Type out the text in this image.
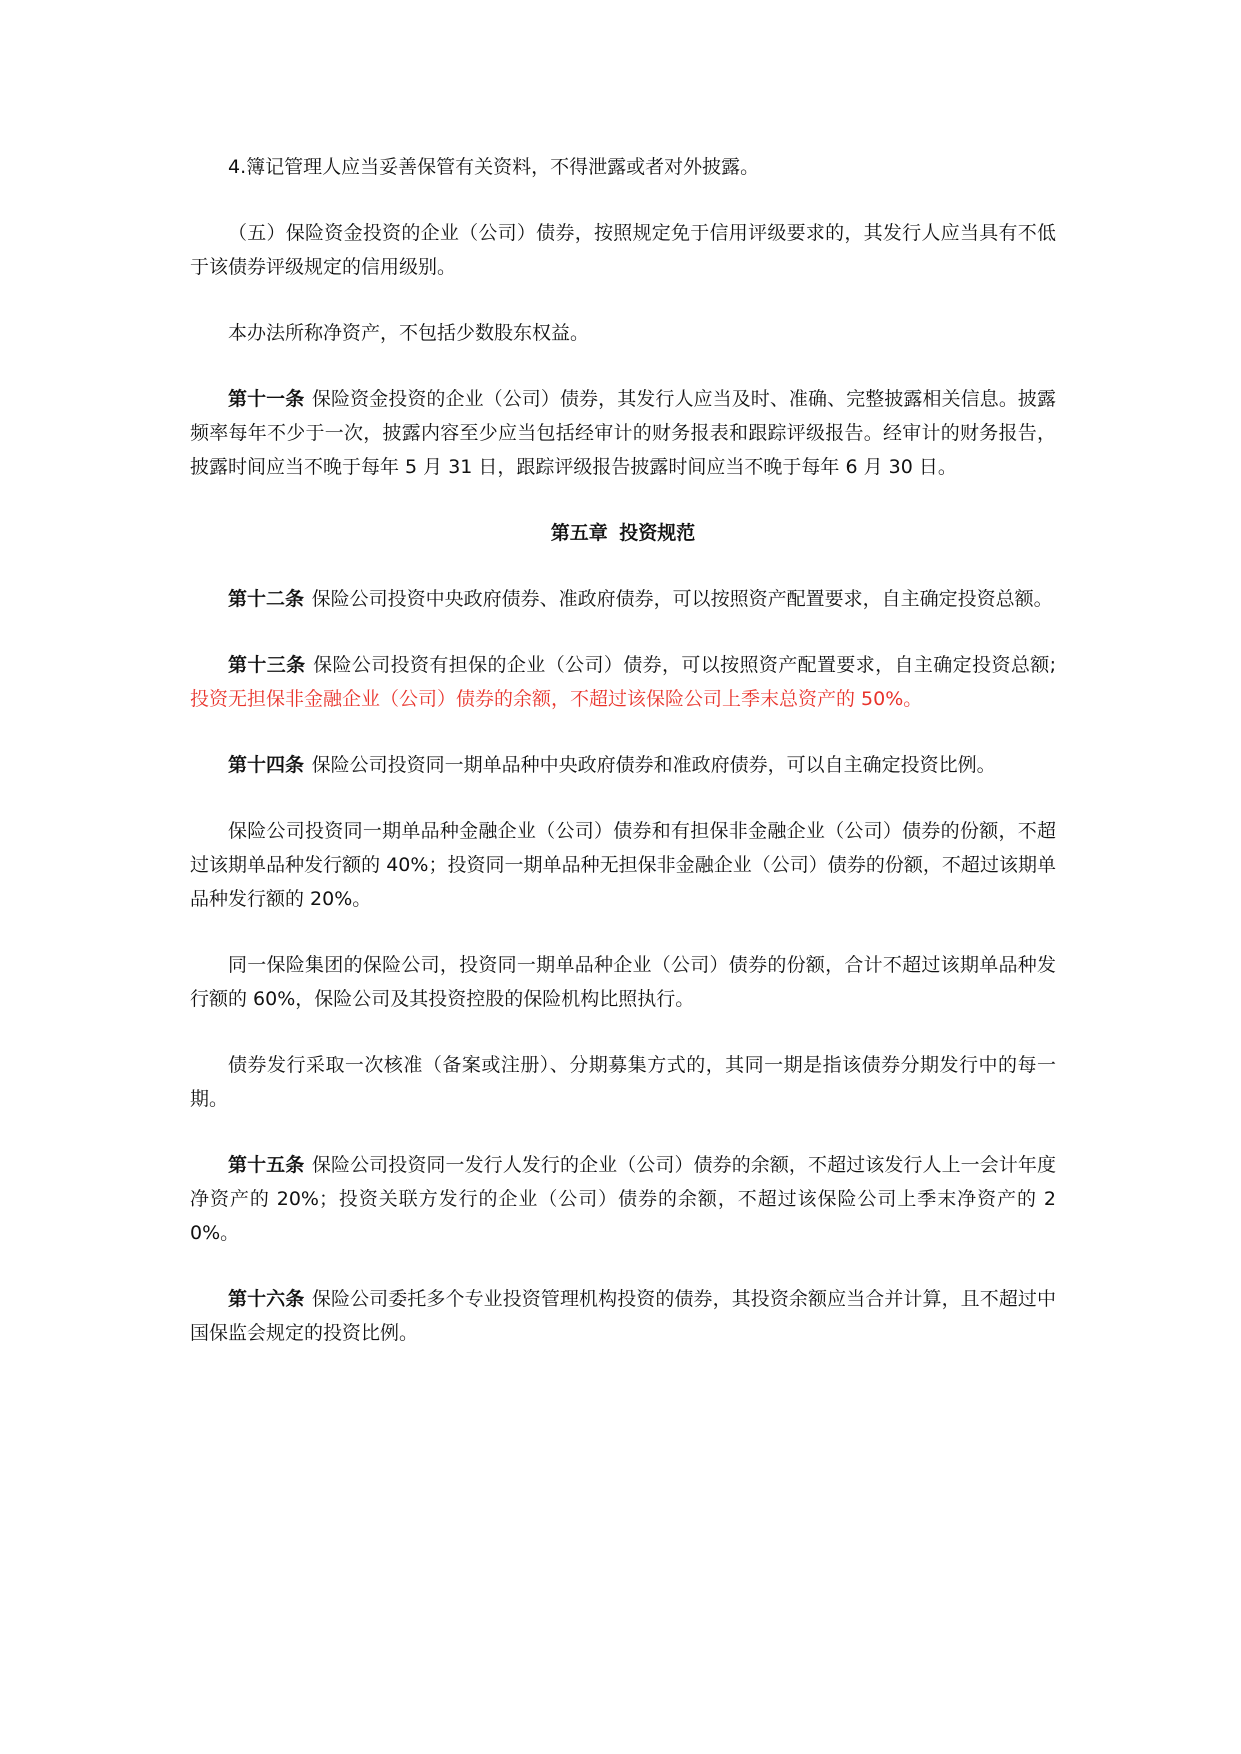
4.簿记管理人应当妥善保管有关资料，不得泄露或者对外披露。

（五）保险资金投资的企业（公司）债券，按照规定免于信用评级要求的，其发行人应当具有不低于该债券评级规定的信用级别。

本办法所称净资产，不包括少数股东权益。

第十一条 保险资金投资的企业（公司）债券，其发行人应当及时、准确、完整披露相关信息。披露频率每年不少于一次，披露内容至少应当包括经审计的财务报表和跟踪评级报告。经审计的财务报告，披露时间应当不晚于每年 5 月 31 日，跟踪评级报告披露时间应当不晚于每年 6 月 30 日。

第五章 投资规范

第十二条 保险公司投资中央政府债券、准政府债券，可以按照资产配置要求，自主确定投资总额。

第十三条 保险公司投资有担保的企业（公司）债券，可以按照资产配置要求，自主确定投资总额;投资无担保非金融企业（公司）债券的余额，不超过该保险公司上季末总资产的 50%。

第十四条 保险公司投资同一期单品种中央政府债券和准政府债券，可以自主确定投资比例。

保险公司投资同一期单品种金融企业（公司）债券和有担保非金融企业（公司）债券的份额，不超过该期单品种发行额的 40%；投资同一期单品种无担保非金融企业（公司）债券的份额，不超过该期单品种发行额的 20%。

同一保险集团的保险公司，投资同一期单品种企业（公司）债券的份额，合计不超过该期单品种发行额的 60%，保险公司及其投资控股的保险机构比照执行。

债券发行采取一次核准（备案或注册）、分期募集方式的，其同一期是指该债券分期发行中的每一期。

第十五条 保险公司投资同一发行人发行的企业（公司）债券的余额，不超过该发行人上一会计年度净资产的 20%；投资关联方发行的企业（公司）债券的余额，不超过该保险公司上季末净资产的 20%。

第十六条 保险公司委托多个专业投资管理机构投资的债券，其投资余额应当合并计算，且不超过中国保监会规定的投资比例。
